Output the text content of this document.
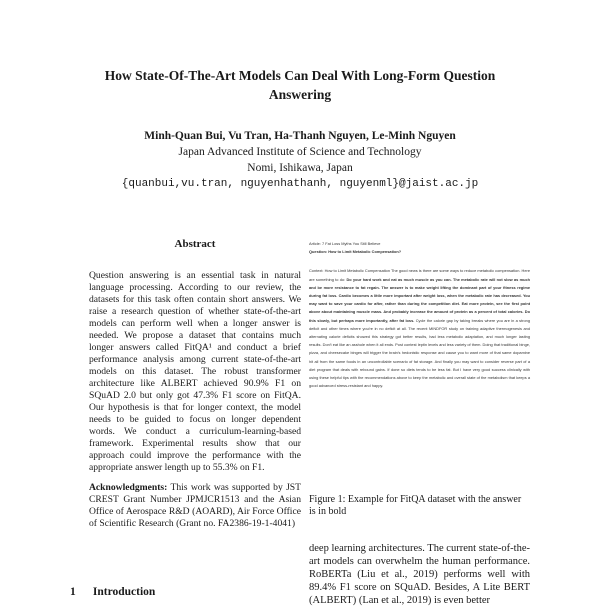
How State-Of-The-Art Models Can Deal With Long-Form Question Answering
Minh-Quan Bui, Vu Tran, Ha-Thanh Nguyen, Le-Minh Nguyen
Japan Advanced Institute of Science and Technology
Nomi, Ishikawa, Japan
{quanbui,vu.tran, nguyenhathanh, nguyenml}@jaist.ac.jp
Abstract
Question answering is an essential task in natural language processing. According to our review, the datasets for this task often contain short answers. We raise a research question of whether state-of-the-art models can perform well when a longer answer is needed. We propose a dataset that contains much longer answers called FitQA¹ and conduct a brief performance analysis among current state-of-the-art models on this dataset. The robust transformer architecture like ALBERT achieved 90.9% F1 on SQuAD 2.0 but only got 47.3% F1 score on FitQA. Our hypothesis is that for longer context, the model needs to be guided to focus on longer dependent words. We conduct a curriculum-learning-based framework. Experimental results show that our approach could improve the performance with the appropriate answer length up to 55.3% on F1.
Acknowledgments: This work was supported by JST CREST Grant Number JPMJCR1513 and the Asian Office of Aerospace R&D (AOARD), Air Force Office of Scientific Research (Grant no. FA2386-19-1-4041)
1 Introduction

Article: 7 Fat Loss Myths You Still Believe

Question: How to Limit Metabolic Compensation?

Context: How to Limit Metabolic Compensation The good news is there are some ways to reduce metabolic compensation. Here are something to do: Do your hard work and eat as much muscle as you can. The metabolic rate will not slow as much and be more resistance to fat regain. The answer is to make weight lifting the dominant part of your fitness regime during fat loss. Cardio becomes a little more important after weight loss, when the metabolic rate has decreased. You may want to save your cardio for after, rather than during the competition diet. Eat more protein, see the first point above about maintaining muscle mass. And probably increase the amount of protein as a percent of total calories. Do this slowly, but perhaps more importantly, after fat loss. Cycle the calorie gap by taking breaks where you are in a strong deficit and other times where you're in no deficit at all. The recent MINDFOR study on training adaptive thermogenesis and alternating calorie deficits showed this strategy got better results, had less metabolic adaptation, and much longer lasting results. Don't eat like an asshole when it all ends. Post contest leptin levels and less variety of them. Doing that traditional binge, pizza, and cheesecake binges will trigger the brain's hedonistic response and cause you to want more of that same dopamine hit all from the same foods in an uncontrollable scenario of fat storage. And finally you may want to consider reverse part of a diet program that deals with rebound gains. If done so diets tends to be less fat. But I have very good success clinically with using these helpful tips with the recommendations above to keep the metabolic and overall state of the metabolism that keeps a good advanced stress-resistant and happy.

Figure 1: Example for FitQA dataset with the answer is in bold
deep learning architectures. The current state-of-the-art models can overwhelm the human performance. RoBERTa (Liu et al., 2019) performs well with 89.4% F1 score on SQuAD. Besides, A Lite BERT (ALBERT) (Lan et al., 2019) is even better
